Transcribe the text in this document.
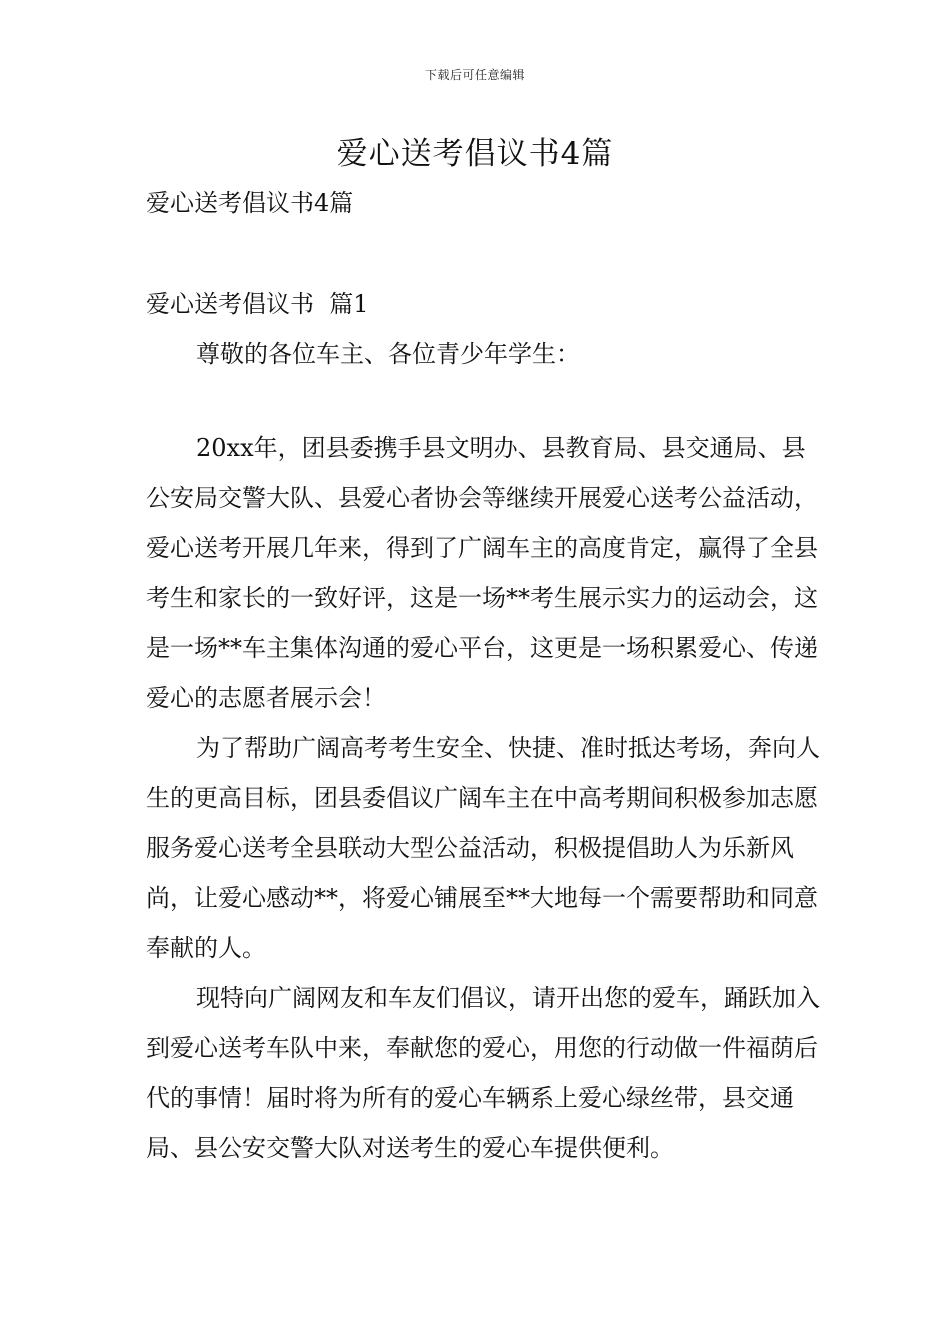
下载后可任意编辑
爱心送考倡议书4篇
爱心送考倡议书4篇
爱心送考倡议书  篇1
尊敬的各位车主、各位青少年学生：

20xx年，团县委携手县文明办、县教育局、县交通局、县公安局交警大队、县爱心者协会等继续开展爱心送考公益活动，爱心送考开展几年来，得到了广阔车主的高度肯定，赢得了全县考生和家长的一致好评，这是一场**考生展示实力的运动会，这是一场**车主集体沟通的爱心平台，这更是一场积累爱心、传递爱心的志愿者展示会！

为了帮助广阔高考考生安全、快捷、准时抵达考场，奔向人生的更高目标，团县委倡议广阔车主在中高考期间积极参加志愿服务爱心送考全县联动大型公益活动，积极提倡助人为乐新风尚，让爱心感动**，将爱心铺展至**大地每一个需要帮助和同意奉献的人。

现特向广阔网友和车友们倡议，请开出您的爱车，踊跃加入到爱心送考车队中来，奉献您的爱心，用您的行动做一件福荫后代的事情！届时将为所有的爱心车辆系上爱心绿丝带，县交通局、县公安交警大队对送考生的爱心车提供便利。
